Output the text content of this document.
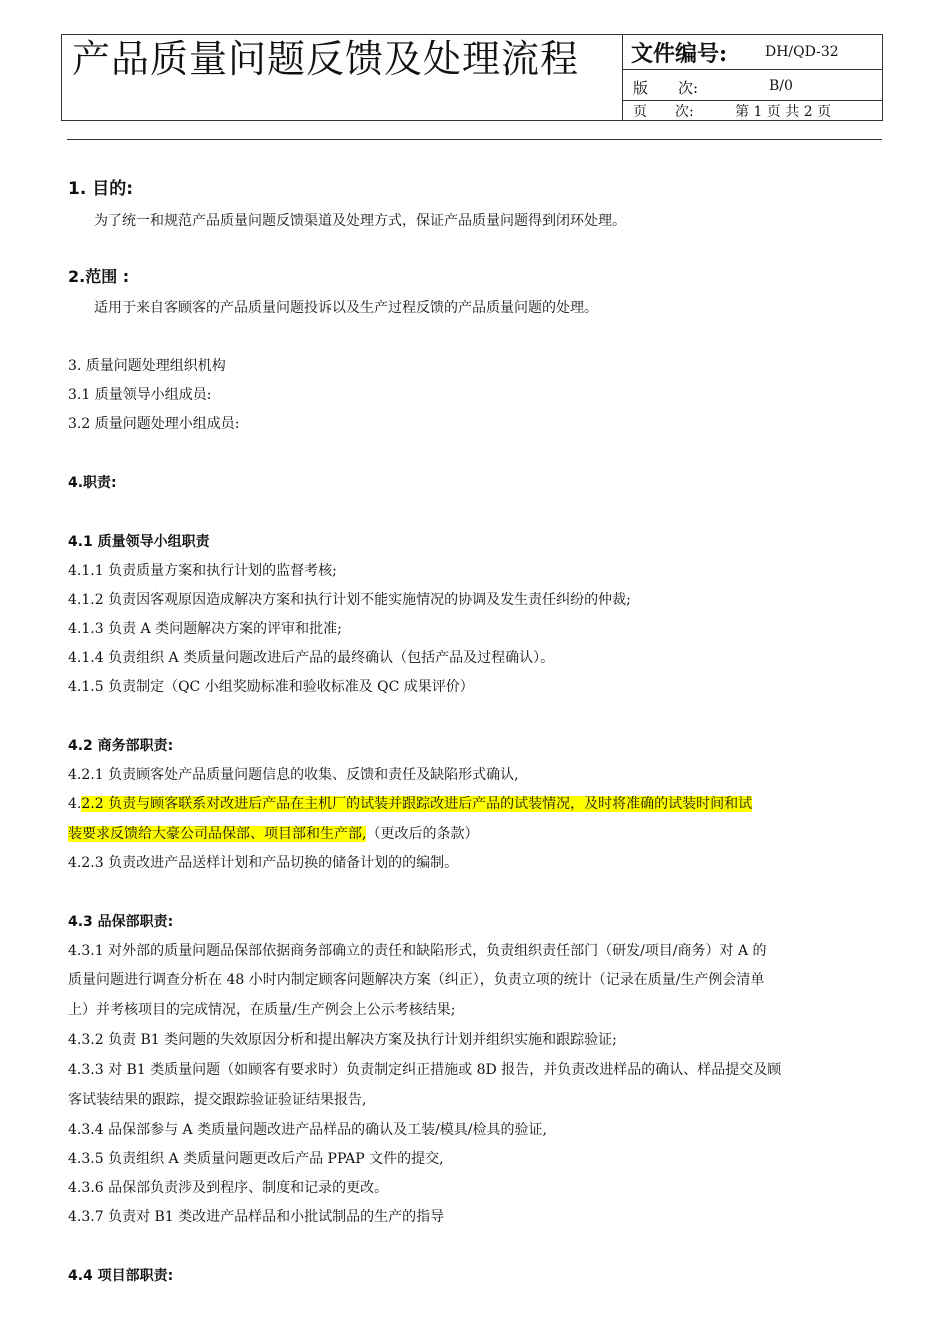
产品质量问题反馈及处理流程	文件编号:	DH/QD-32
版　　次:	B/0
页　　次:	第 1 页 共 2 页
1. 目的:
为了统一和规范产品质量问题反馈渠道及处理方式，保证产品质量问题得到闭环处理。
2.范围 :
适用于来自客顾客的产品质量问题投诉以及生产过程反馈的产品质量问题的处理。
3. 质量问题处理组织机构
3.1 质量领导小组成员:
3.2 质量问题处理小组成员:
4.职责:
4.1 质量领导小组职责
4.1.1 负责质量方案和执行计划的监督考核;
4.1.2 负责因客观原因造成解决方案和执行计划不能实施情况的协调及发生责任纠纷的仲裁;
4.1.3 负责 A 类问题解决方案的评审和批准;
4.1.4 负责组织 A 类质量问题改进后产品的最终确认（包括产品及过程确认）。
4.1.5 负责制定（QC 小组奖励标准和验收标准及 QC 成果评价）
4.2 商务部职责:
4.2.1 负责顾客处产品质量问题信息的收集、反馈和责任及缺陷形式确认,
4.2.2 负责与顾客联系对改进后产品在主机厂的试装并跟踪改进后产品的试装情况，及时将准确的试装时间和试
装要求反馈给大豪公司品保部、项目部和生产部,（更改后的条款）
4.2.3 负责改进产品送样计划和产品切换的储备计划的的编制。
4.3 品保部职责:
4.3.1 对外部的质量问题品保部依据商务部确立的责任和缺陷形式，负责组织责任部门（研发/项目/商务）对 A 的
质量问题进行调查分析在 48 小时内制定顾客问题解决方案（纠正），负责立项的统计（记录在质量/生产例会清单
上）并考核项目的完成情况，在质量/生产例会上公示考核结果;
4.3.2 负责 B1 类问题的失效原因分析和提出解决方案及执行计划并组织实施和跟踪验证;
4.3.3 对 B1 类质量问题（如顾客有要求时）负责制定纠正措施或 8D 报告，并负责改进样品的确认、样品提交及顾
客试装结果的跟踪，提交跟踪验证验证结果报告,
4.3.4 品保部参与 A 类质量问题改进产品样品的确认及工装/模具/检具的验证,
4.3.5 负责组织 A 类质量问题更改后产品 PPAP 文件的提交,
4.3.6 品保部负责涉及到程序、制度和记录的更改。
4.3.7 负责对 B1 类改进产品样品和小批试制品的生产的指导
4.4 项目部职责:
